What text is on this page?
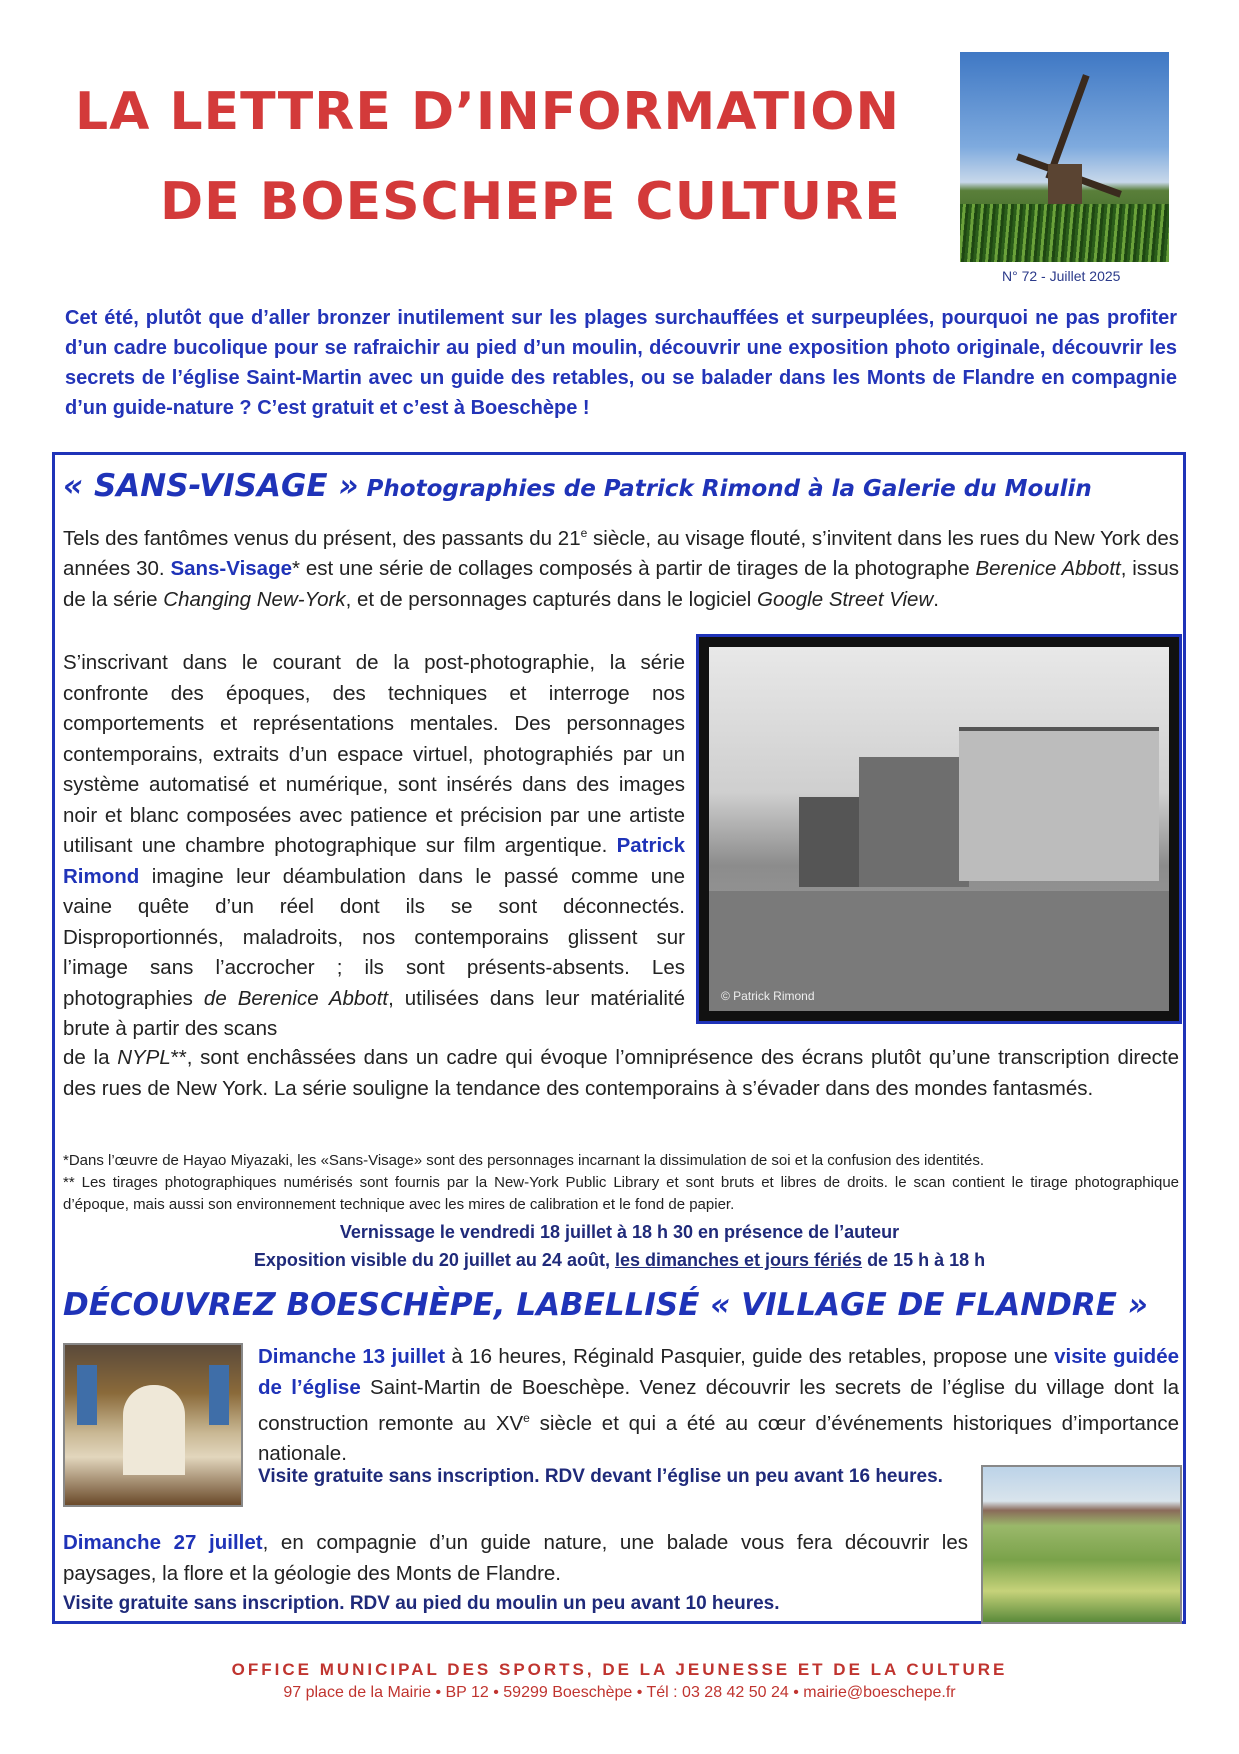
LA LETTRE D’INFORMATION
DE BOESCHEPE CULTURE
N° 72 - Juillet 2025
Cet été, plutôt que d’aller bronzer inutilement sur les plages surchauffées et surpeuplées, pourquoi ne pas profiter d’un cadre bucolique pour se rafraichir au pied d’un moulin, découvrir une exposition photo originale, découvrir les secrets de l’église Saint-Martin avec un guide des retables, ou se balader dans les Monts de Flandre en compagnie d’un guide-nature ? C’est gratuit et c’est à Boeschèpe !
« SANS-VISAGE » Photographies de Patrick Rimond à la Galerie du Moulin
Tels des fantômes venus du présent, des passants du 21e siècle, au visage flouté, s’invitent dans les rues du New York des années 30. Sans-Visage* est une série de collages composés à partir de tirages de la photographe Berenice Abbott, issus de la série Changing New-York, et de personnages capturés dans le logiciel Google Street View.
S’inscrivant dans le courant de la post-photographie, la série confronte des époques, des techniques et interroge nos comportements et représentations mentales. Des personnages contemporains, extraits d’un espace virtuel, photographiés par un système automatisé et numérique, sont insérés dans des images noir et blanc composées avec patience et précision par une artiste utilisant une chambre photographique sur film argentique. Patrick Rimond imagine leur déambulation dans le passé comme une vaine quête d’un réel dont ils se sont déconnectés. Disproportionnés, maladroits, nos contemporains glissent sur l’image sans l’accrocher ; ils sont présents-absents. Les photographies de Berenice Abbott, utilisées dans leur matérialité brute à partir des scans
© Patrick Rimond
de la NYPL**, sont enchâssées dans un cadre qui évoque l’omniprésence des écrans plutôt qu’une transcription directe des rues de New York. La série souligne la tendance des contemporains à s’évader dans des mondes fantasmés.
*Dans l’œuvre de Hayao Miyazaki, les «Sans-Visage» sont des personnages incarnant la dissimulation de soi et la confusion des identités.
** Les tirages photographiques numérisés sont fournis par la New-York Public Library et sont bruts et libres de droits. le scan contient le tirage photographique d’époque, mais aussi son environnement technique avec les mires de calibration et le fond de papier.
Vernissage le vendredi 18 juillet à 18 h 30 en présence de l’auteur
Exposition visible du 20 juillet au 24 août, les dimanches et jours fériés de 15 h à 18 h
DÉCOUVREZ BOESCHÈPE, LABELLISÉ « VILLAGE DE FLANDRE »
Dimanche 13 juillet à 16 heures, Réginald Pasquier, guide des retables, propose une visite guidée de l’église Saint-Martin de Boeschèpe. Venez découvrir les secrets de l’église du village dont la construction remonte au XVe siècle et qui a été au cœur d’événements historiques d’importance nationale.
Visite gratuite sans inscription. RDV devant l’église un peu avant 16 heures.
Dimanche 27 juillet, en compagnie d’un guide nature, une balade vous fera découvrir les paysages, la flore et la géologie des Monts de Flandre.
Visite gratuite sans inscription. RDV au pied du moulin un peu avant 10 heures.
OFFICE MUNICIPAL DES SPORTS, DE LA JEUNESSE ET DE LA CULTURE
97 place de la Mairie • BP 12 • 59299 Boeschèpe • Tél : 03 28 42 50 24 • mairie@boeschepe.fr
